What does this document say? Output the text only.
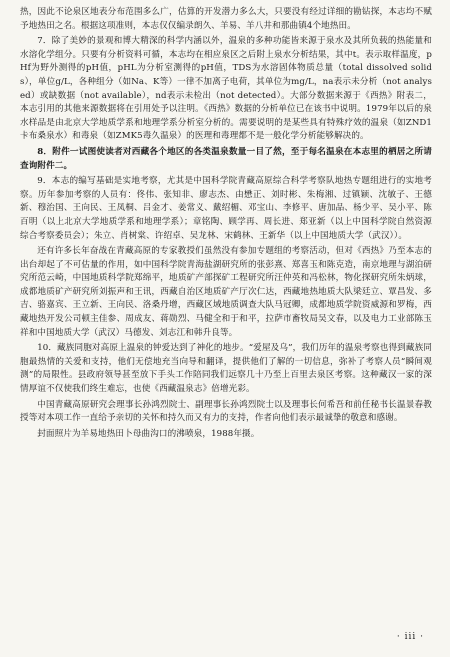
热，因此不论泉区地表分布范围多么广，估算的开发潜力多么大，只要没有经过详细的勘钻探，本志均不赋予地热田之名。根据这项准则，本志仅仅编录朗久、羊易、羊八井和那曲镇4个地热田。

7．除了美妙的景观和博大精深的科学内涵以外，温泉的多种功能皆来源于泉水及其所负载的热能量和水溶化学组分。只要有分析资料可循，本志均在相应泉区之后附上泉水分析结果，其中t。表示取样温度，pHf为野外测得的pH值，pHL为分析室测得的pH值，TDS为水溶固体物质总量（total dissolved solids），单位g/L，各种组分（如Na、K等）一律不加离子电荷，其单位为mg/L，na表示未分析（not analysed）或缺数据（not available），nd表示未检出（not detected）。大部分数据来源于《西热》附表二，本志引用的其他来源数据将在引用处予以注明。《西热》数据的分析单位已在该书中说明。1979年以后的泉水样品是由北京大学地质学系和地理学系分析室分析的。需要说明的是某些具有特殊疗效的温泉（如ZND1卡布桑泉水）和毒泉（如ZMK5毒久温泉）的医理和毒理都不是一般化学分析能够解决的。

8．附件一试图使读者对西藏各个地区的各类温泉数量一目了然，至于每名温泉在本志里的栖居之所请查询附件二。

9．本志的编写基础是实地考察，尤其是中国科学院青藏高原综合科学考察队地热专题组进行的实地考察。历年参加考察的人员有：佟伟、张知非、廖志杰、由懋正、刘时彬、朱梅湘、过镇颖、沈敏子、王德新、穆治国、王向民、王凤桐、吕金才、姜常义、戴绍楣、邓宝山、李修平、唐加品、杨少平、吴小平、陈百明（以上北京大学地质学系和地理学系）；章铭陶、顾学再、周长进、郑亚新（以上中国科学院自然资源综合考察委员会）；朱立、肖树棠、许绍卓、吴龙林、宋鹤林、王新华（以上中国地质大学（武汉））。

还有许多长年奋战在青藏高原的专家教授们虽然没有参加专题组的考察活动，但对《西热》乃至本志的出台却起了不可估量的作用，如中国科学院青海盐湖研究所的张彭熹、郑喜玉和陈克造，南京地理与湖泊研究所范云崎，中国地质科学院郑绵平，地质矿产部探矿工程研究所汪仲英和冯松林，物化探研究所朱炳球，成都地质矿产研究所刘振声和王讯，西藏自治区地质矿产厅次仁达，西藏地热地质大队梁廷立、覃昌发、多吉、骆嘉宾、王立新、王向民、洛桑丹增，西藏区域地质调查大队马冠卿，成都地质学院资威源和罗梅，西藏地热开发公司顿主佳参、周成友、蒋勋烈、马健全和于和平，拉萨市畜牧局吴文春，以及电力工业部陈玉祥和中国地质大学（武汉）马德发、刘志江和韩升良等。

10．藏族同胞对高原上温泉的钟爱达到了神化的地步。“爱屋及乌”，我们历年的温泉考察也得到藏族同胞最热情的关爱和支持，他们无偿地充当向导和翻译，提供他们了解的一切信息，弥补了考察人员“瞬间观测”的局限性。县政府领导甚至放下手头工作陪同我们远察几十乃至上百里去泉区考察。这种藏汉一家的深情厚谊不仅使我们终生难忘，也使《西藏温泉志》倍增光彩。

中国青藏高原研究会理事长孙鸿烈院士、副理事长孙鸿烈院士以及理事长何希吾和前任秘书长温景春教授等对本项工作一直给予亲切的关怀和持久而又有力的支持，作者向他们表示最诚挚的敬意和感谢。

封面照片为羊易地热田卜母曲沟口的沸喷泉，1988年摄。

· iii ·
